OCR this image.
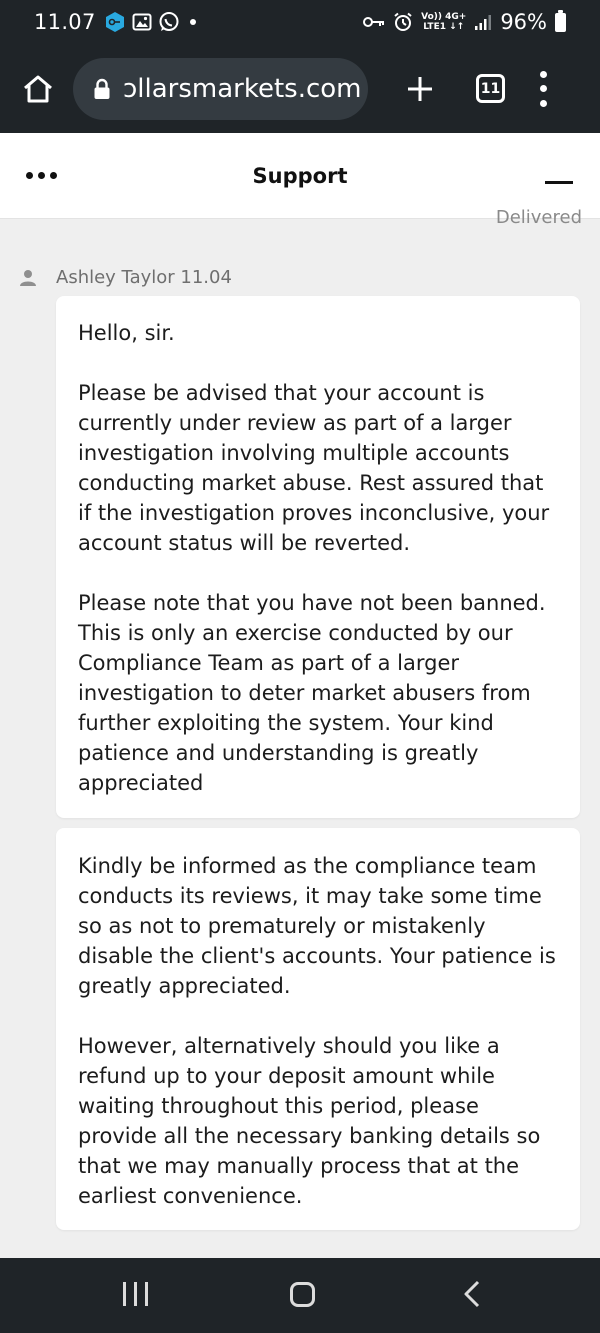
11.07	Vo)) 4G+
LTE1 ↓↑ 96%
ɔllarsmarkets.com	11
Support
Delivered
Ashley Taylor 11.04

Hello, sir.

Please be advised that your account is currently under review as part of a larger investigation involving multiple accounts conducting market abuse. Rest assured that if the investigation proves inconclusive, your account status will be reverted.

Please note that you have not been banned. This is only an exercise conducted by our Compliance Team as part of a larger investigation to deter market abusers from further exploiting the system. Your kind patience and understanding is greatly appreciated

Kindly be informed as the compliance team conducts its reviews, it may take some time so as not to prematurely or mistakenly disable the client's accounts. Your patience is greatly appreciated.

However, alternatively should you like a refund up to your deposit amount while waiting throughout this period, please provide all the necessary banking details so that we may manually process that at the earliest convenience.
